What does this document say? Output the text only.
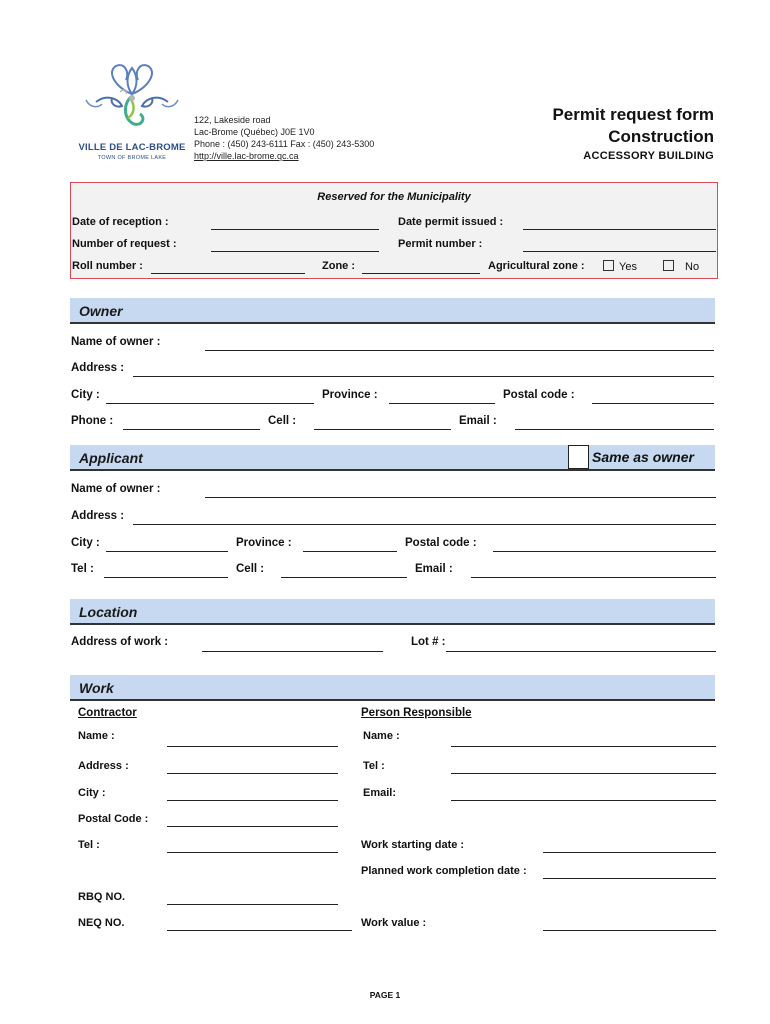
VILLE DE LAC-BROME
TOWN OF BROME LAKE
122, Lakeside road
Lac-Brome (Québec) J0E 1V0
Phone : (450) 243-6111 Fax : (450) 243-5300
http://ville.lac-brome.qc.ca
Permit request form
Construction
ACCESSORY BUILDING
Reserved for the Municipality
Date of reception :	Date permit issued :
Number of request :	Permit number :
Roll number :	Zone :	Agricultural zone :	Yes	No
Owner
Name of owner :
Address :
City :	Province :	Postal code :
Phone :	Cell :	Email :
Applicant	Same as owner
Name of owner :
Address :
City :	Province :	Postal code :
Tel :	Cell :	Email :
Location
Address of work :	Lot # :
Work
Contractor	Person Responsible
Name :	Name :
Address :	Tel :
City :	Email:
Postal Code :
Tel :	Work starting date :
Planned work completion date :
RBQ NO.
NEQ NO.	Work value :
PAGE 1
